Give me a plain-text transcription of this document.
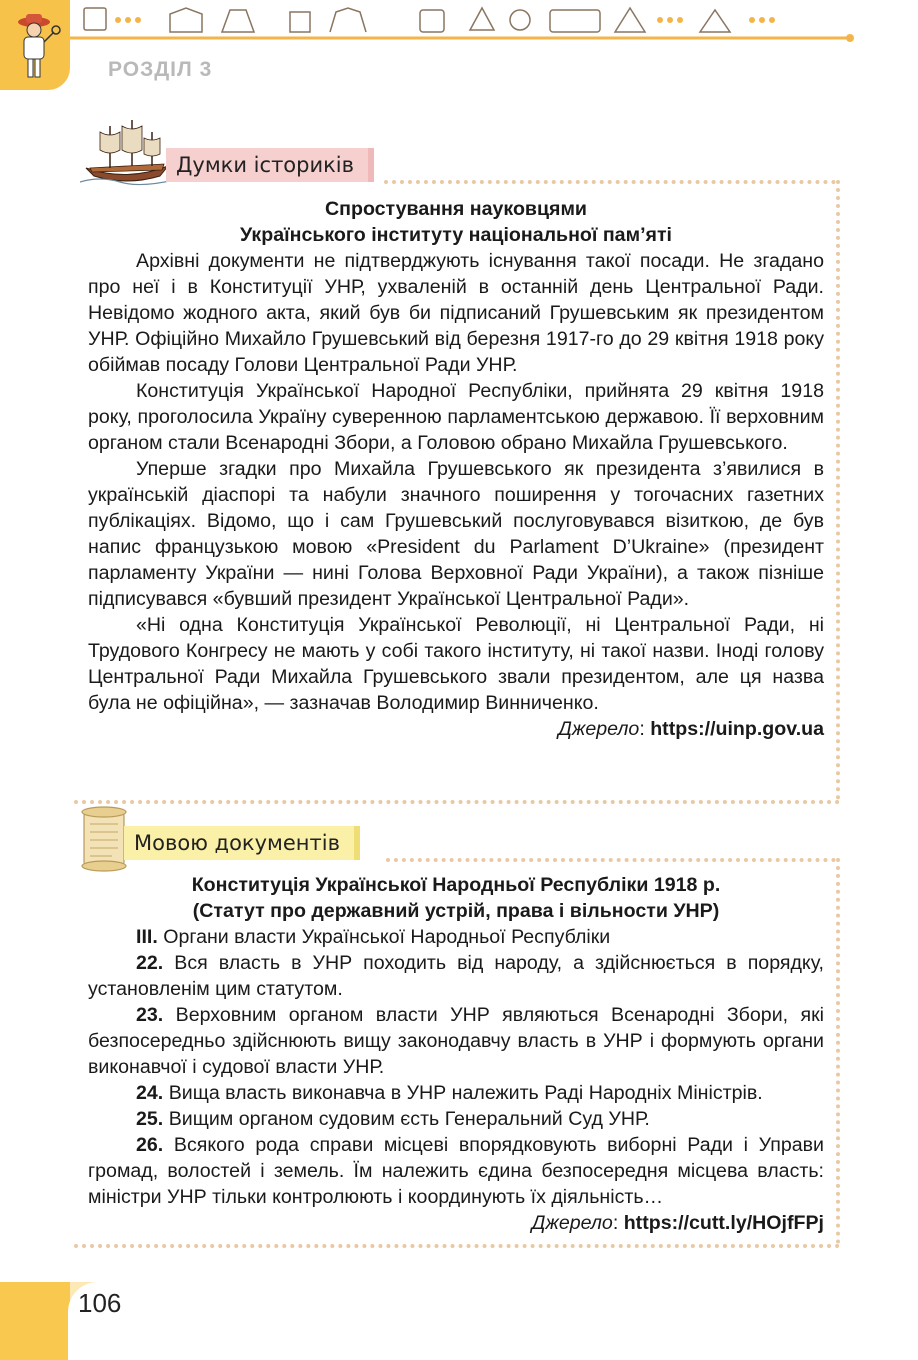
РОЗДІЛ 3
Думки істориків

Спростування науковцями

Українського інституту національної пам’яті

Архівні документи не підтверджують існування такої посади. Не згадано про неї і в Конституції УНР, ухваленій в останній день Центральної Ради. Невідомо жодного акта, який був би підписаний Грушевським як президентом УНР. Офіційно Михайло Грушевський від березня 1917-го до 29 квітня 1918 року обіймав посаду Голови Центральної Ради УНР.

Конституція Української Народної Республіки, прийнята 29 квітня 1918 року, проголосила Україну суверенною парламентською державою. Її верховним органом стали Всенародні Збори, а Головою обрано Михайла Грушевського.

Уперше згадки про Михайла Грушевського як президента з’явилися в українській діаспорі та набули значного поширення у тогочасних газетних публікаціях. Відомо, що і сам Грушевський послуговувався візиткою, де був напис французькою мовою «President du Parlament D’Ukraine» (президент парламенту України — нині Голова Верховної Ради України), а також пізніше підписувався «бувший президент Української Центральної Ради».

«Ні одна Конституція Української Революції, ні Центральної Ради, ні Трудового Конгресу не мають у собі такого інституту, ні такої назви. Іноді голову Центральної Ради Михайла Грушевського звали президентом, але ця назва була не офіційна», — зазначав Володимир Винниченко.

Джерело: https://uinp.gov.ua

Мовою документів

Конституція Української Народньої Республіки 1918 р.

(Статут про державний устрій, права і вільности УНР)

III. Органи власти Української Народньої Республіки

22. Вся власть в УНР походить від народу, а здійснюється в порядку, установленім цим статутом.

23. Верховним органом власти УНР являються Всенародні Збори, які безпосередньо здійснюють вищу законодавчу власть в УНР і формують органи виконавчої і судової власти УНР.

24. Вища власть виконавча в УНР належить Раді Народніх Міністрів.

25. Вищим органом судовим єсть Генеральний Суд УНР.

26. Всякого рода справи місцеві впорядковують виборні Ради і Управи громад, волостей і земель. Їм належить єдина безпосередня місцева власть: міністри УНР тільки контролюють і координують їх діяльність…

Джерело: https://cutt.ly/HOjfFPj

106
